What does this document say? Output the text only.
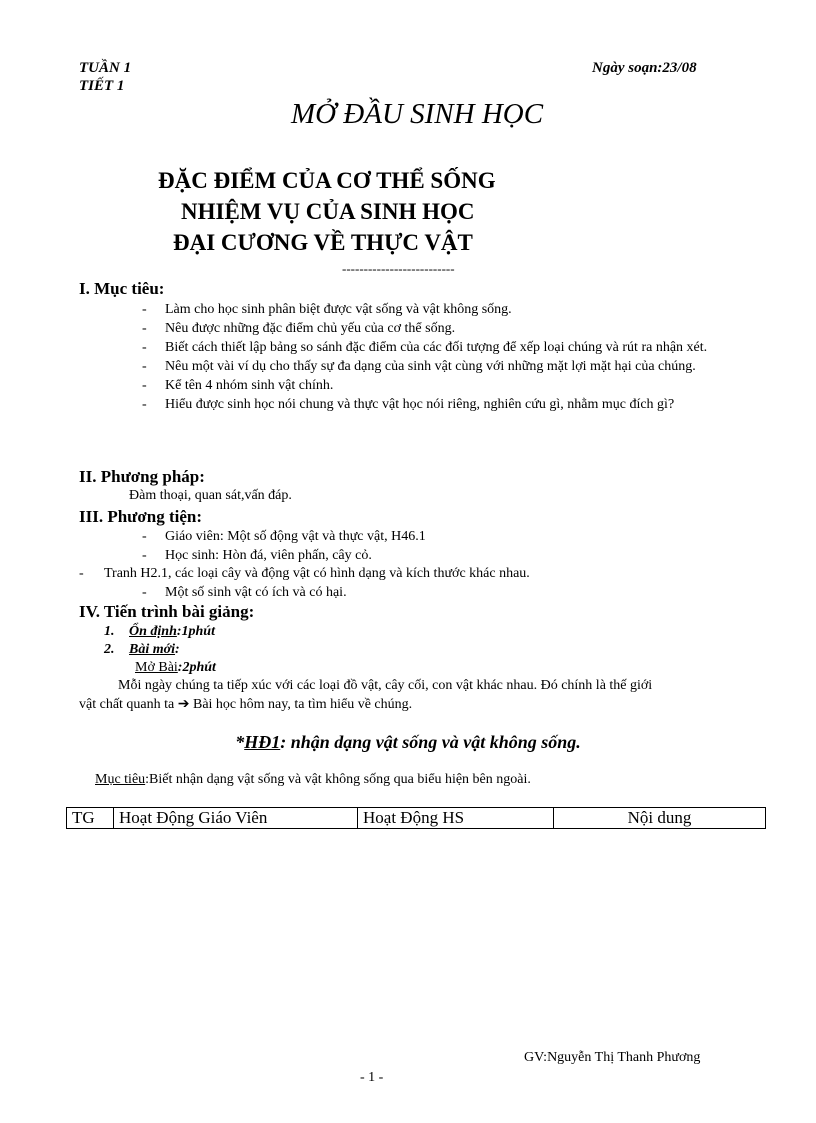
TUẦN 1
TIẾT 1
Ngày soạn:23/08
MỞ ĐẦU SINH HỌC
ĐẶC ĐIỂM CỦA CƠ THỂ SỐNG
NHIỆM VỤ CỦA SINH HỌC
ĐẠI CƯƠNG VỀ THỰC VẬT
--------------------------
I. Mục tiêu:
- Làm cho học sinh phân biệt được vật sống và vật không sống.
- Nêu được những đặc điểm chủ yếu của cơ thể sống.
- Biết cách thiết lập bảng so sánh đặc điểm của các đối tượng để xếp loại chúng và rút ra nhận xét.
- Nêu một vài ví dụ cho thấy sự đa dạng của sinh vật cùng với những mặt lợi mặt hại của chúng.
- Kể tên 4 nhóm sinh vật chính.
- Hiểu được sinh học nói chung và thực vật học nói riêng, nghiên cứu gì, nhằm mục đích gì?
II. Phương pháp:
Đàm thoại, quan sát,vấn đáp.
III. Phương tiện:
- Giáo viên: Một số động vật và thực vật, H46.1
- Học sinh: Hòn đá, viên phấn, cây cỏ.
- Tranh H2.1, các loại cây và động vật có hình dạng và kích thước khác nhau.
- Một số sinh vật có ích và có hại.
IV. Tiến trình bài giảng:
1. Ổn định:1phút
2. Bài mới:
Mở Bài:2phút
Mỗi ngày chúng ta tiếp xúc với các loại đồ vật, cây cối, con vật khác nhau. Đó chính là thế giới
vật chất quanh ta ➔ Bài học hôm nay, ta tìm hiểu về chúng.
*HĐ1: nhận dạng vật sống và vật không sống.
Mục tiêu:Biết nhận dạng vật sống và vật không sống qua biểu hiện bên ngoài.
TG	Hoạt Động Giáo Viên	Hoạt Động HS	Nội dung
GV:Nguyễn Thị Thanh Phương
- 1 -
